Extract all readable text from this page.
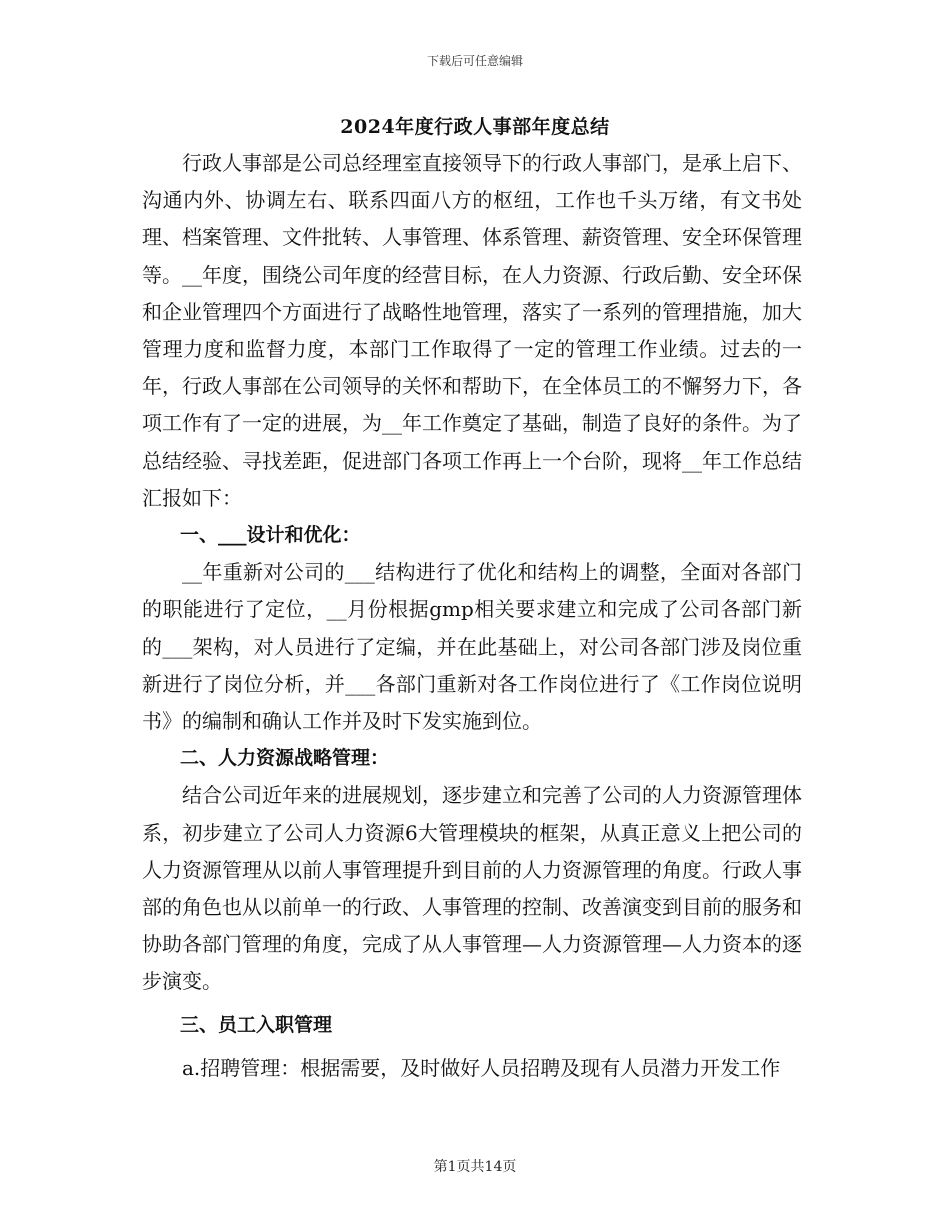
下载后可任意编辑
2024年度行政人事部年度总结

行政人事部是公司总经理室直接领导下的行政人事部门，是承上启下、沟通内外、协调左右、联系四面八方的枢纽，工作也千头万绪，有文书处理、档案管理、文件批转、人事管理、体系管理、薪资管理、安全环保管理等。__年度，围绕公司年度的经营目标，在人力资源、行政后勤、安全环保和企业管理四个方面进行了战略性地管理，落实了一系列的管理措施，加大管理力度和监督力度，本部门工作取得了一定的管理工作业绩。过去的一年，行政人事部在公司领导的关怀和帮助下，在全体员工的不懈努力下，各项工作有了一定的进展，为__年工作奠定了基础，制造了良好的条件。为了总结经验、寻找差距，促进部门各项工作再上一个台阶，现将__年工作总结汇报如下：

一、___设计和优化：

__年重新对公司的___结构进行了优化和结构上的调整，全面对各部门的职能进行了定位，__月份根据gmp相关要求建立和完成了公司各部门新的___架构，对人员进行了定编，并在此基础上，对公司各部门涉及岗位重新进行了岗位分析，并___各部门重新对各工作岗位进行了《工作岗位说明书》的编制和确认工作并及时下发实施到位。

二、人力资源战略管理：

结合公司近年来的进展规划，逐步建立和完善了公司的人力资源管理体系，初步建立了公司人力资源6大管理模块的框架，从真正意义上把公司的人力资源管理从以前人事管理提升到目前的人力资源管理的角度。行政人事部的角色也从以前单一的行政、人事管理的控制、改善演变到目前的服务和协助各部门管理的角度，完成了从人事管理—人力资源管理—人力资本的逐步演变。

三、员工入职管理

a.招聘管理：根据需要，及时做好人员招聘及现有人员潜力开发工作

第1页共14页
